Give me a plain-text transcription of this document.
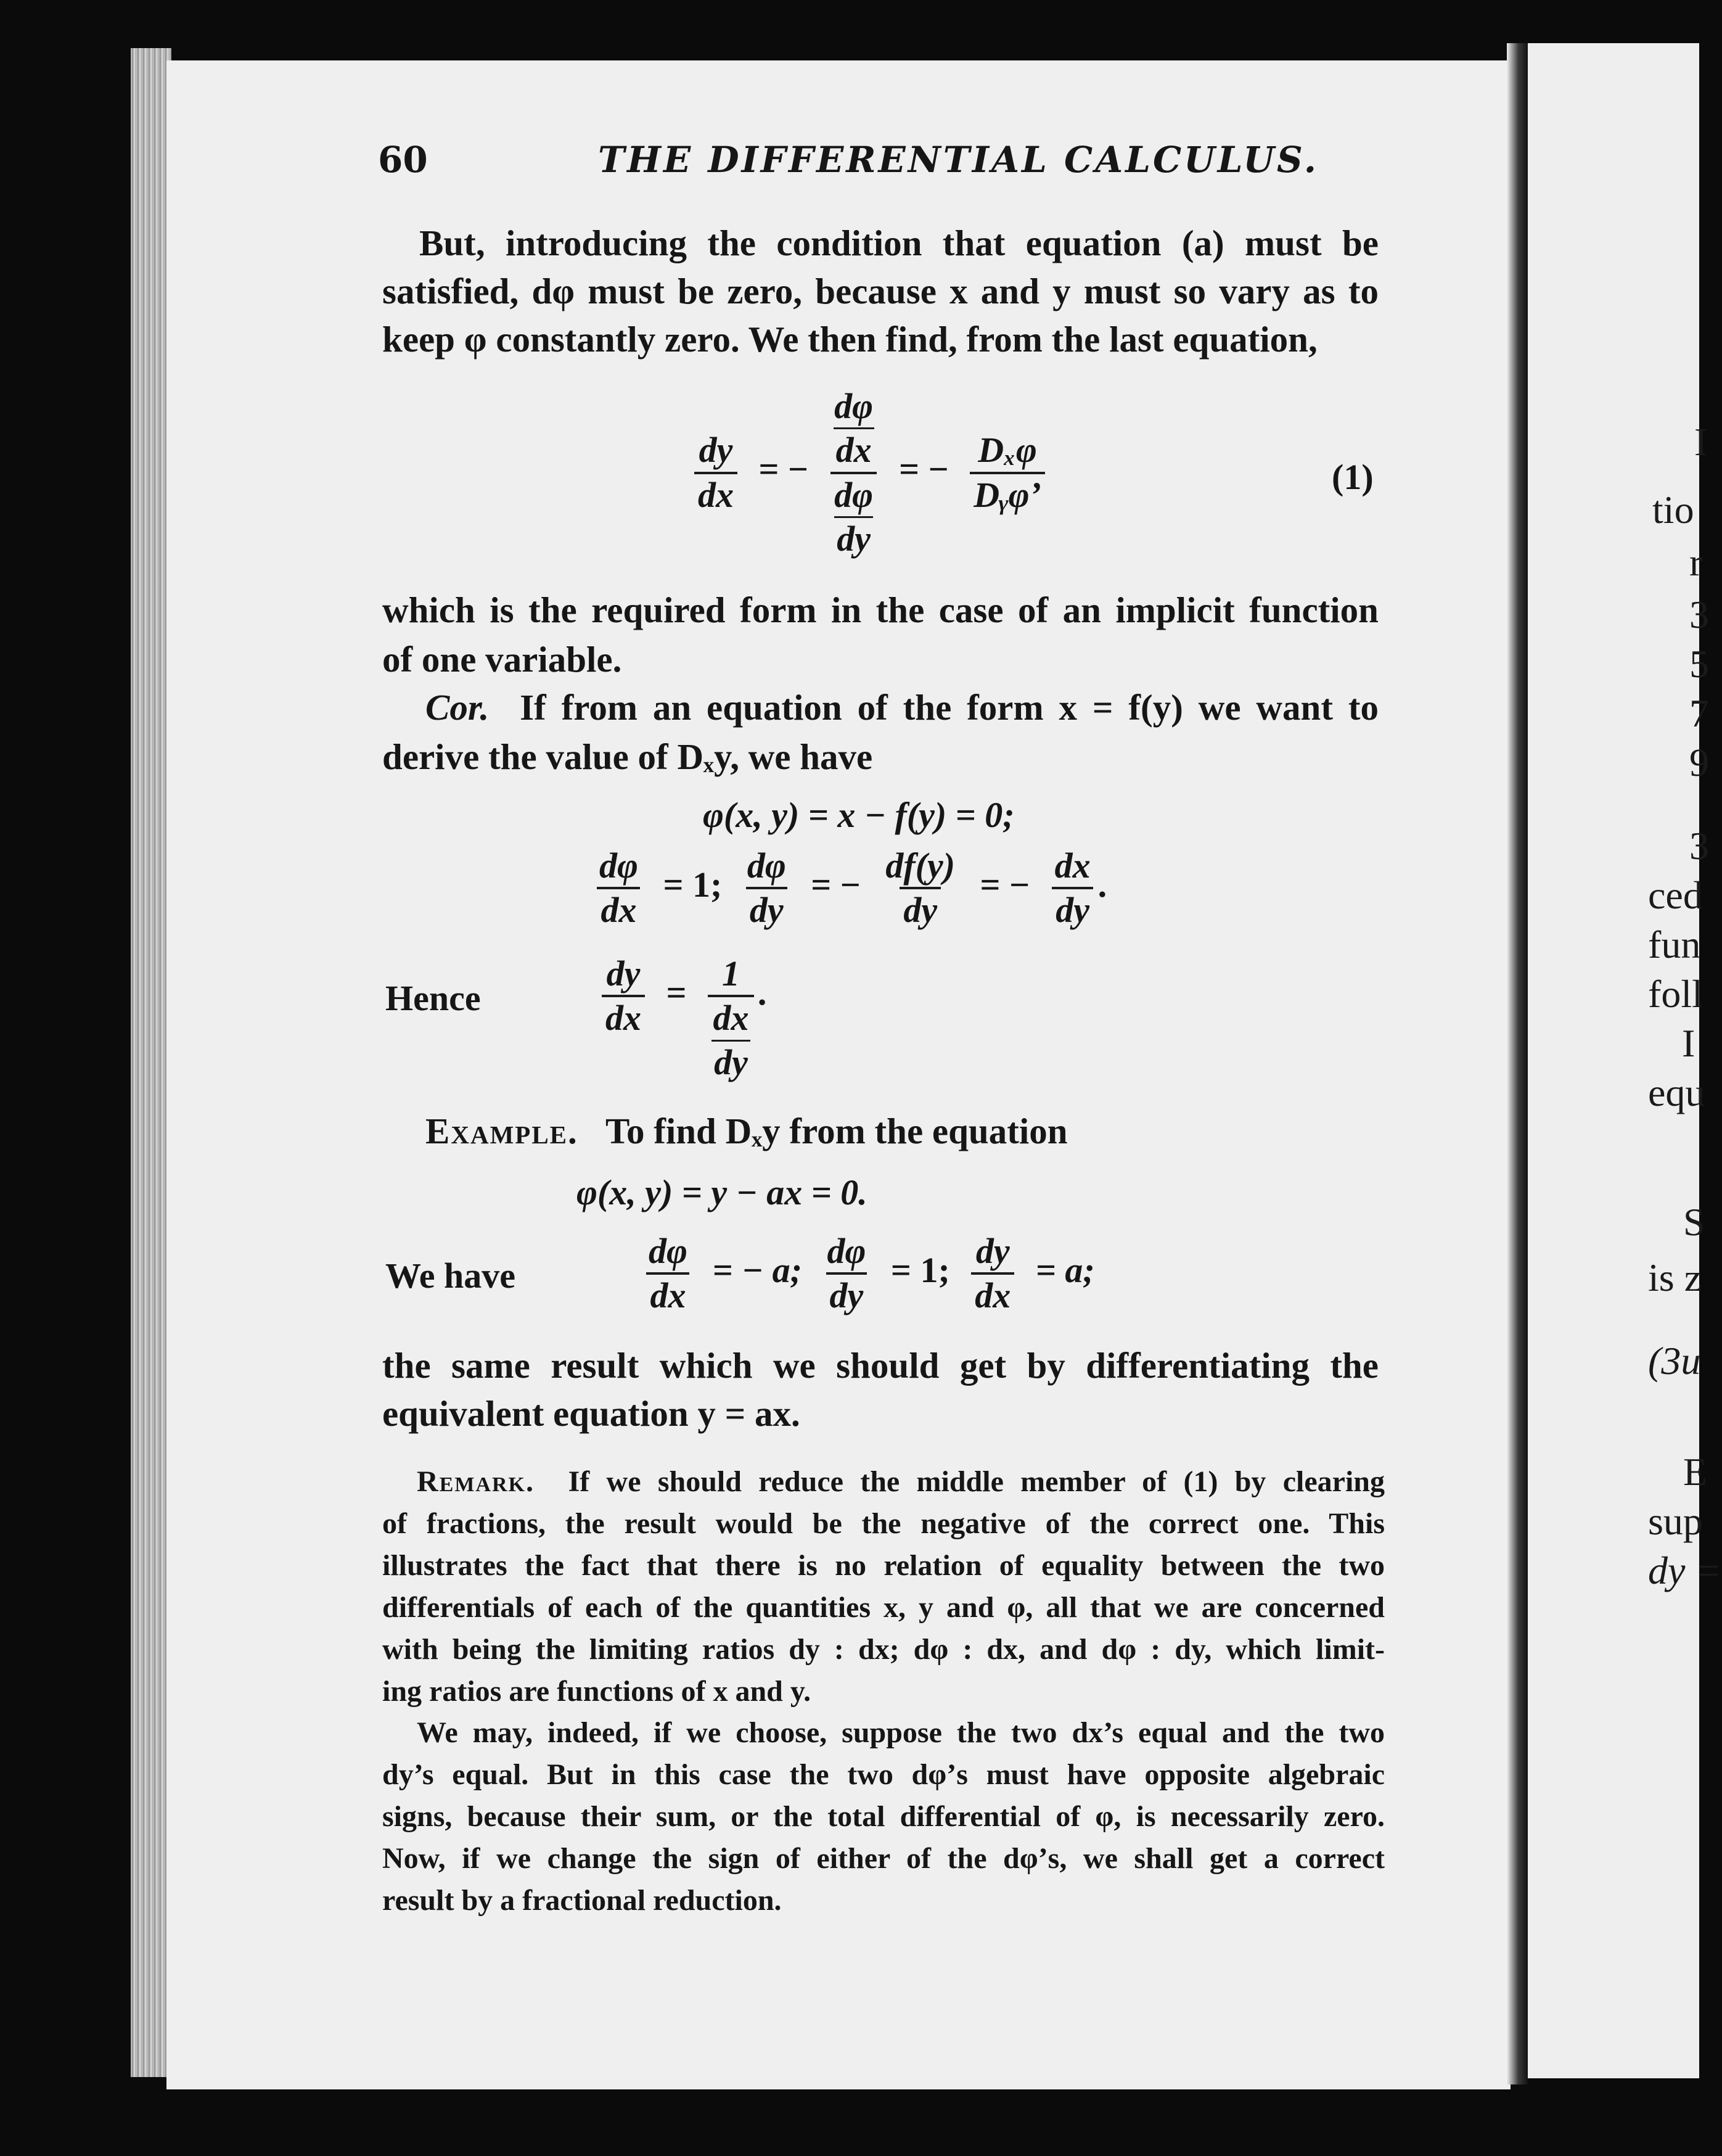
I
tio
r
3
5
7
9
3
ced
fun
foll
I
equ
S
is z
(3u
E
sup
dy =
60	THE DIFFERENTIAL CALCULUS.
But, introducing the condition that equation (a) must be
satisfied, dφ must be zero, because x and y must so vary as to
keep φ constantly zero. We then find, from the last equation,
$\frac{dy}{dx}$ = − dφ
dx
dφ
dy = − $\frac{\text{Dₓφ}}{\text{Dᵧφ’}}$	(1)
which is the required form in the case of an implicit function
of one variable.
Cor. If from an equation of the form x = f(y) we want to
derive the value of Dₓy, we have
φ(x, y) = x − f(y) = 0;
$\frac{d\varphi}{dx} = 1$; $\frac{d\varphi}{dy}$ = − $\frac{df(y)}{dy}$ = − $\frac{dx}{dy}$ .
Hence	$\frac{dy}{dx} = 1$
dx
dy .
Example. To find Dₓy from the equation
φ(x, y) = y − ax = 0.
We have	$\frac{d\varphi}{dx}$ = − a; $\frac{d\varphi}{dy} = 1$; $\frac{dy}{dx} = a$;
the same result which we should get by differentiating the
equivalent equation y = ax.
Remark. If we should reduce the middle member of (1) by clearing
of fractions, the result would be the negative of the correct one. This
illustrates the fact that there is no relation of equality between the two
differentials of each of the quantities x, y and φ, all that we are concerned
with being the limiting ratios dy : dx; dφ : dx, and dφ : dy, which limit-
ing ratios are functions of x and y.
We may, indeed, if we choose, suppose the two dx’s equal and the two
dy’s equal. But in this case the two dφ’s must have opposite algebraic
signs, because their sum, or the total differential of φ, is necessarily zero.
Now, if we change the sign of either of the dφ’s, we shall get a correct
result by a fractional reduction.
